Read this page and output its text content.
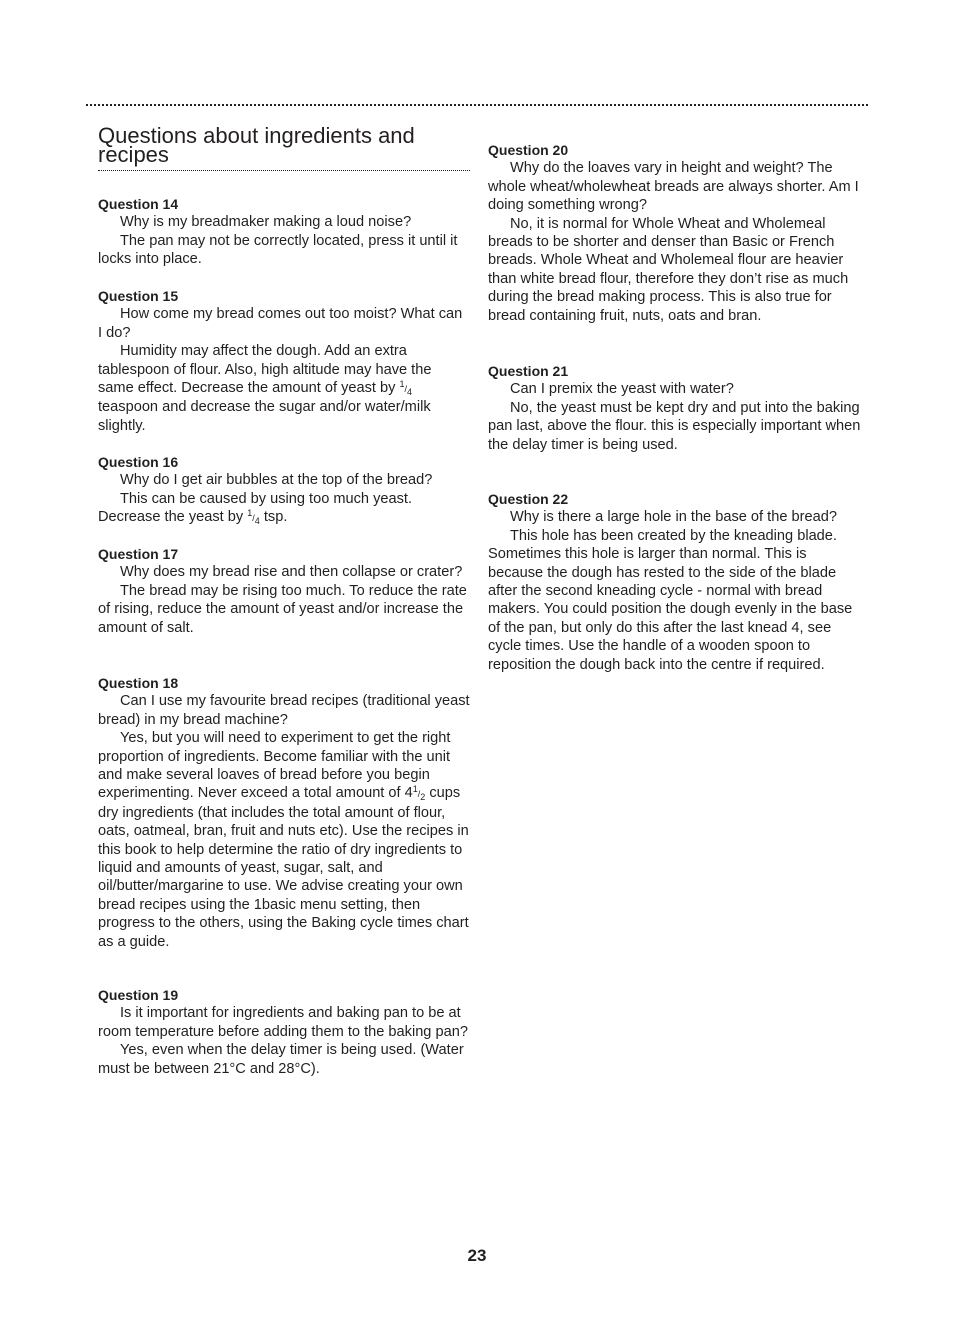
Questions about ingredients and recipes

Question 14

Why is my breadmaker making a loud noise?

The pan may not be correctly located, press it until it locks into place.

Question 15

How come my bread comes out too moist? What can I do?

Humidity may affect the dough. Add an extra tablespoon of flour. Also, high altitude may have the same effect. Decrease the amount of yeast by $^1/_4$ teaspoon and decrease the sugar and/or water/milk slightly.

Question 16

Why do I get air bubbles at the top of the bread?

This can be caused by using too much yeast. Decrease the yeast by $^1/_4$ tsp.

Question 17

Why does my bread rise and then collapse or crater?

The bread may be rising too much. To reduce the rate of rising, reduce the amount of yeast and/or increase the amount of salt.

Question 18

Can I use my favourite bread recipes (traditional yeast bread) in my bread machine?

Yes, but you will need to experiment to get the right proportion of ingredients. Become familiar with the unit and make several loaves of bread before you begin experimenting. Never exceed a total amount of $4^1/_2$ cups dry ingredients (that includes the total amount of flour, oats, oatmeal, bran, fruit and nuts etc). Use the recipes in this book to help determine the ratio of dry ingredients to liquid and amounts of yeast, sugar, salt, and oil/butter/margarine to use. We advise creating your own bread recipes using the 1basic menu setting, then progress to the others, using the Baking cycle times chart as a guide.

Question 19

Is it important for ingredients and baking pan to be at room temperature before adding them to the baking pan?

Yes, even when the delay timer is being used. (Water must be between 21°C and 28°C).

Question 20

Why do the loaves vary in height and weight? The whole wheat/wholewheat breads are always shorter. Am I doing something wrong?

No, it is normal for Whole Wheat and Wholemeal breads to be shorter and denser than Basic or French breads. Whole Wheat and Wholemeal flour are heavier than white bread flour, therefore they don’t rise as much during the bread making process. This is also true for bread containing fruit, nuts, oats and bran.

Question 21

Can I premix the yeast with water?

No, the yeast must be kept dry and put into the baking pan last, above the flour. this is especially important when the delay timer is being used.

Question 22

Why is there a large hole in the base of the bread?

This hole has been created by the kneading blade. Sometimes this hole is larger than normal. This is because the dough has rested to the side of the blade after the second kneading cycle - normal with bread makers. You could position the dough evenly in the base of the pan, but only do this after the last knead 4, see cycle times. Use the handle of a wooden spoon to reposition the dough back into the centre if required.

23
